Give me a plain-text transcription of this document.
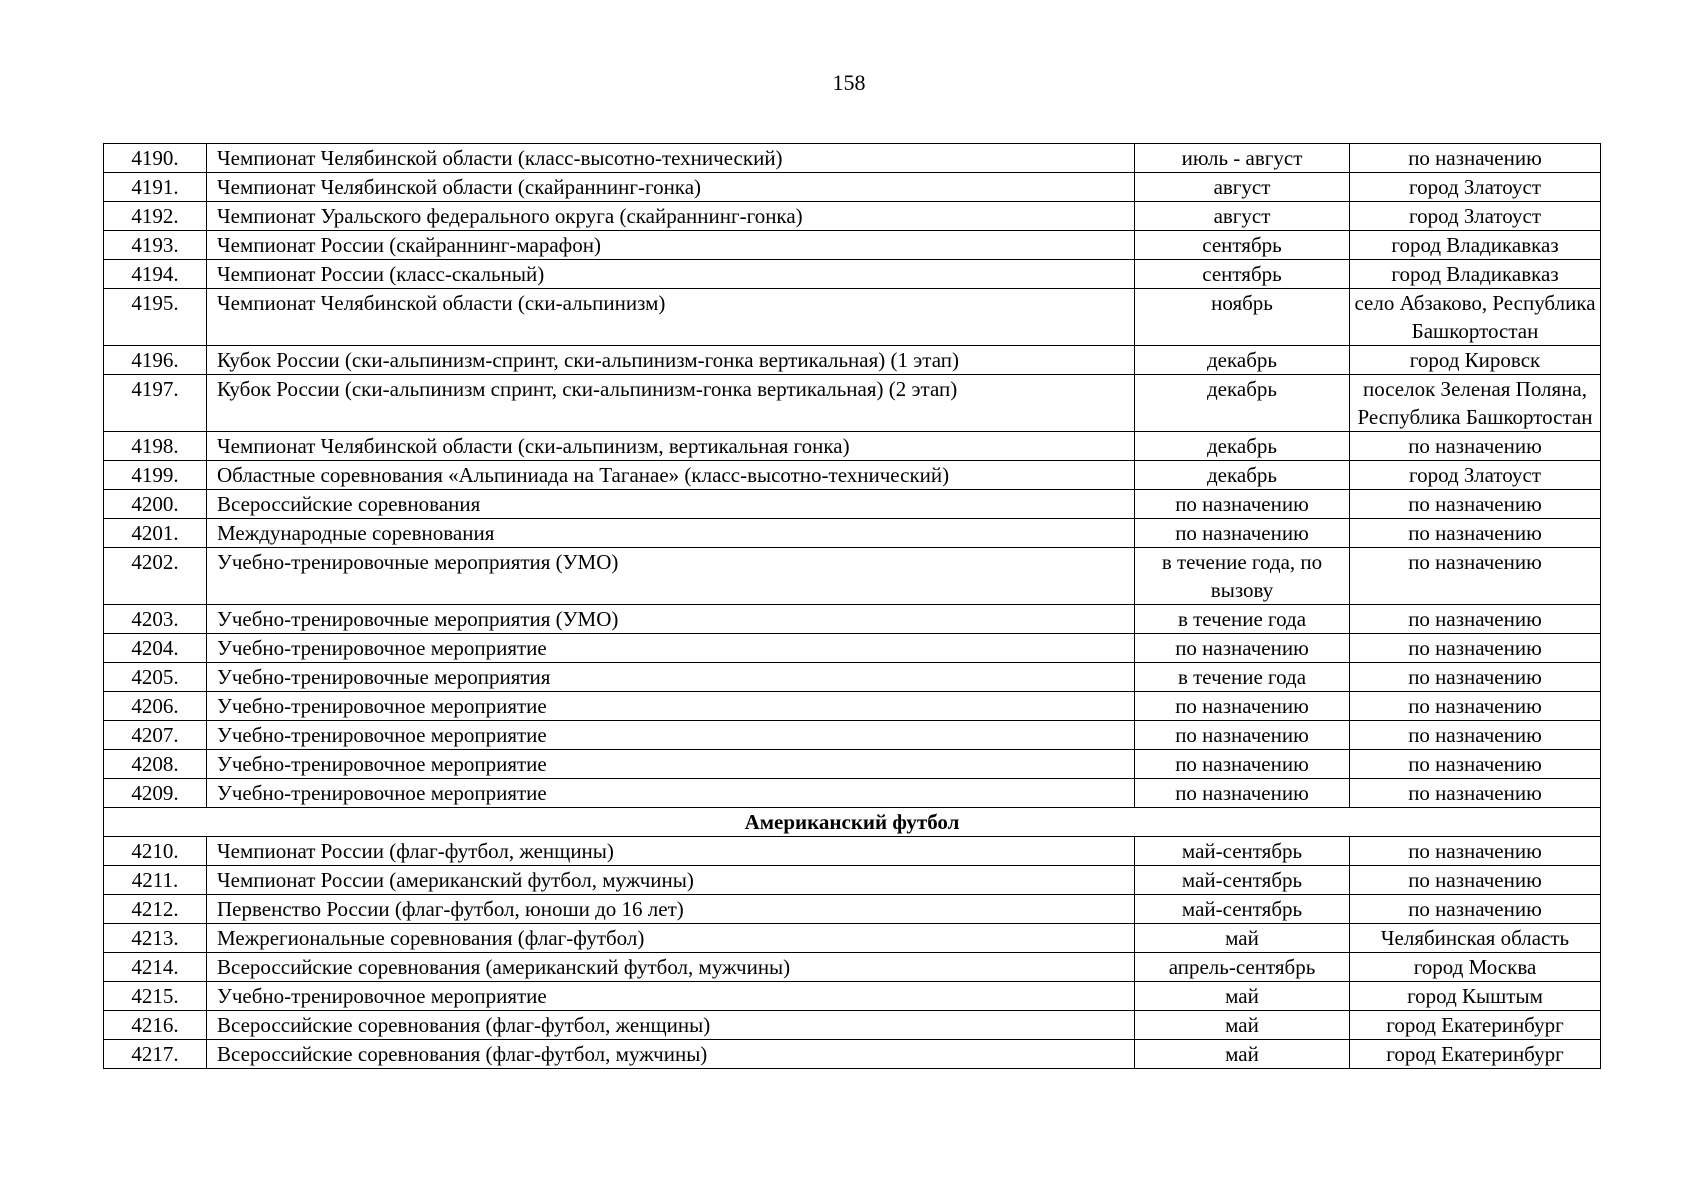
158
4190.	Чемпионат Челябинской области (класс-высотно-технический)	июль - август	по назначению
4191.	Чемпионат Челябинской области (скайраннинг-гонка)	август	город Златоуст
4192.	Чемпионат Уральского федерального округа (скайраннинг-гонка)	август	город Златоуст
4193.	Чемпионат России (скайраннинг-марафон)	сентябрь	город Владикавказ
4194.	Чемпионат России (класс-скальный)	сентябрь	город Владикавказ
4195.	Чемпионат Челябинской области (ски-альпинизм)	ноябрь	село Абзаково, Республика Башкортостан
4196.	Кубок России (ски-альпинизм-спринт, ски-альпинизм-гонка вертикальная) (1 этап)	декабрь	город Кировск
4197.	Кубок России (ски-альпинизм спринт, ски-альпинизм-гонка вертикальная) (2 этап)	декабрь	поселок Зеленая Поляна, Республика Башкортостан
4198.	Чемпионат Челябинской области (ски-альпинизм, вертикальная гонка)	декабрь	по назначению
4199.	Областные соревнования «Альпиниада на Таганае» (класс-высотно-технический)	декабрь	город Златоуст
4200.	Всероссийские соревнования	по назначению	по назначению
4201.	Международные соревнования	по назначению	по назначению
4202.	Учебно-тренировочные мероприятия (УМО)	в течение года, по вызову	по назначению
4203.	Учебно-тренировочные мероприятия (УМО)	в течение года	по назначению
4204.	Учебно-тренировочное мероприятие	по назначению	по назначению
4205.	Учебно-тренировочные мероприятия	в течение года	по назначению
4206.	Учебно-тренировочное мероприятие	по назначению	по назначению
4207.	Учебно-тренировочное мероприятие	по назначению	по назначению
4208.	Учебно-тренировочное мероприятие	по назначению	по назначению
4209.	Учебно-тренировочное мероприятие	по назначению	по назначению
Американский футбол			
4210.	Чемпионат России (флаг-футбол, женщины)	май-сентябрь	по назначению
4211.	Чемпионат России (американский футбол, мужчины)	май-сентябрь	по назначению
4212.	Первенство России (флаг-футбол, юноши до 16 лет)	май-сентябрь	по назначению
4213.	Межрегиональные соревнования (флаг-футбол)	май	Челябинская область
4214.	Всероссийские соревнования (американский футбол, мужчины)	апрель-сентябрь	город Москва
4215.	Учебно-тренировочное мероприятие	май	город Кыштым
4216.	Всероссийские соревнования (флаг-футбол, женщины)	май	город Екатеринбург
4217.	Всероссийские соревнования (флаг-футбол, мужчины)	май	город Екатеринбург
